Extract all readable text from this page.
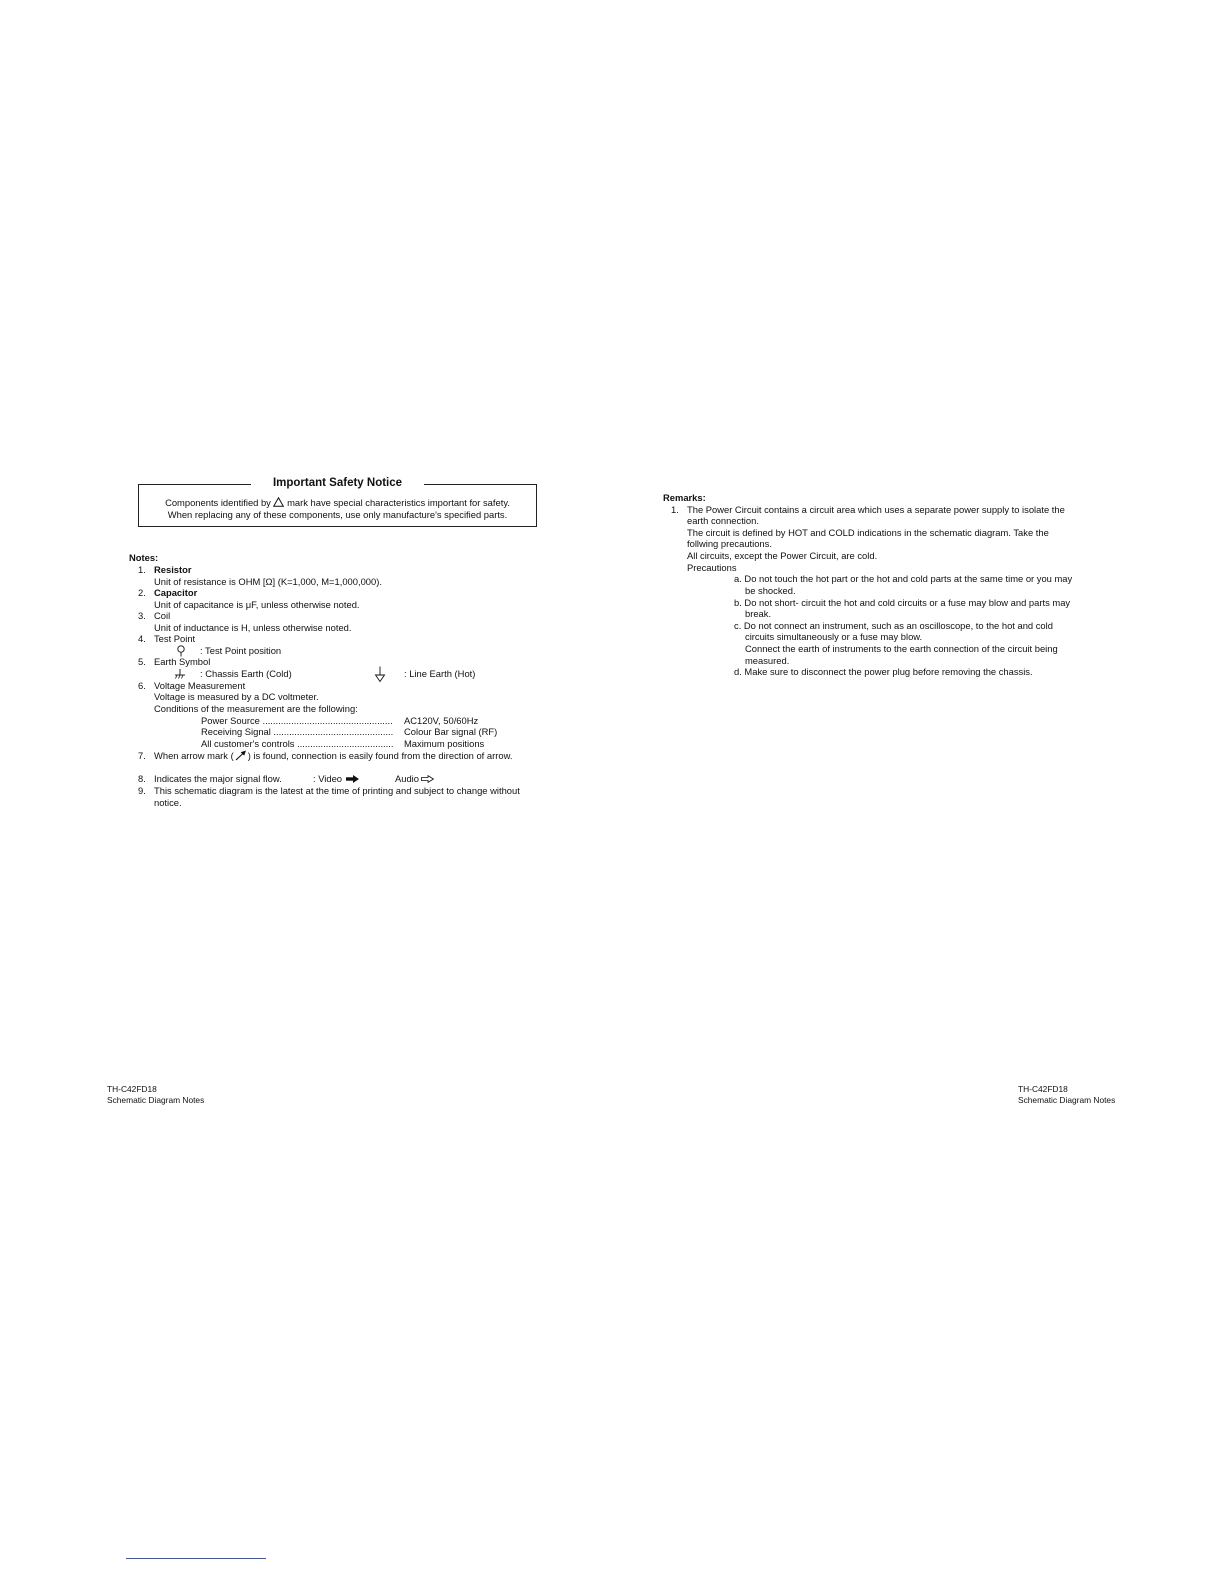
Important Safety Notice
Components identified by mark have special characteristics important for safety.
When replacing any of these components, use only manufacture's specified parts.
Notes:
1. Resistor
Unit of resistance is OHM [Ω] (K=1,000, M=1,000,000).
2. Capacitor
Unit of capacitance is μF, unless otherwise noted.
3. Coil
Unit of inductance is H, unless otherwise noted.
4. Test Point
: Test Point position
5. Earth Symbol
: Chassis Earth (Cold)	: Line Earth (Hot)
6. Voltage Measurement
Voltage is measured by a DC voltmeter.
Conditions of the measurement are the following:
Power Source ..................................................	AC120V, 50/60Hz
Receiving Signal ..............................................	Colour Bar signal (RF)
All customer's controls .....................................	Maximum positions
7. When arrow mark ( ) is found, connection is easily found from the direction of arrow.
8. Indicates the major signal flow.	: Video	Audio
9. This schematic diagram is the latest at the time of printing and subject to change without
notice.
Remarks:
1. The Power Circuit contains a circuit area which uses a separate power supply to isolate the
earth connection.
The circuit is defined by HOT and COLD indications in the schematic diagram. Take the
follwing precautions.
All circuits, except the Power Circuit, are cold.
Precautions
a. Do not touch the hot part or the hot and cold parts at the same time or you may
be shocked.
b. Do not short- circuit the hot and cold circuits or a fuse may blow and parts may
break.
c. Do not connect an instrument, such as an oscilloscope, to the hot and cold
circuits simultaneously or a fuse may blow.
Connect the earth of instruments to the earth connection of the circuit being
measured.
d. Make sure to disconnect the power plug before removing the chassis.
TH-C42FD18
Schematic Diagram Notes
TH-C42FD18
Schematic Diagram Notes
